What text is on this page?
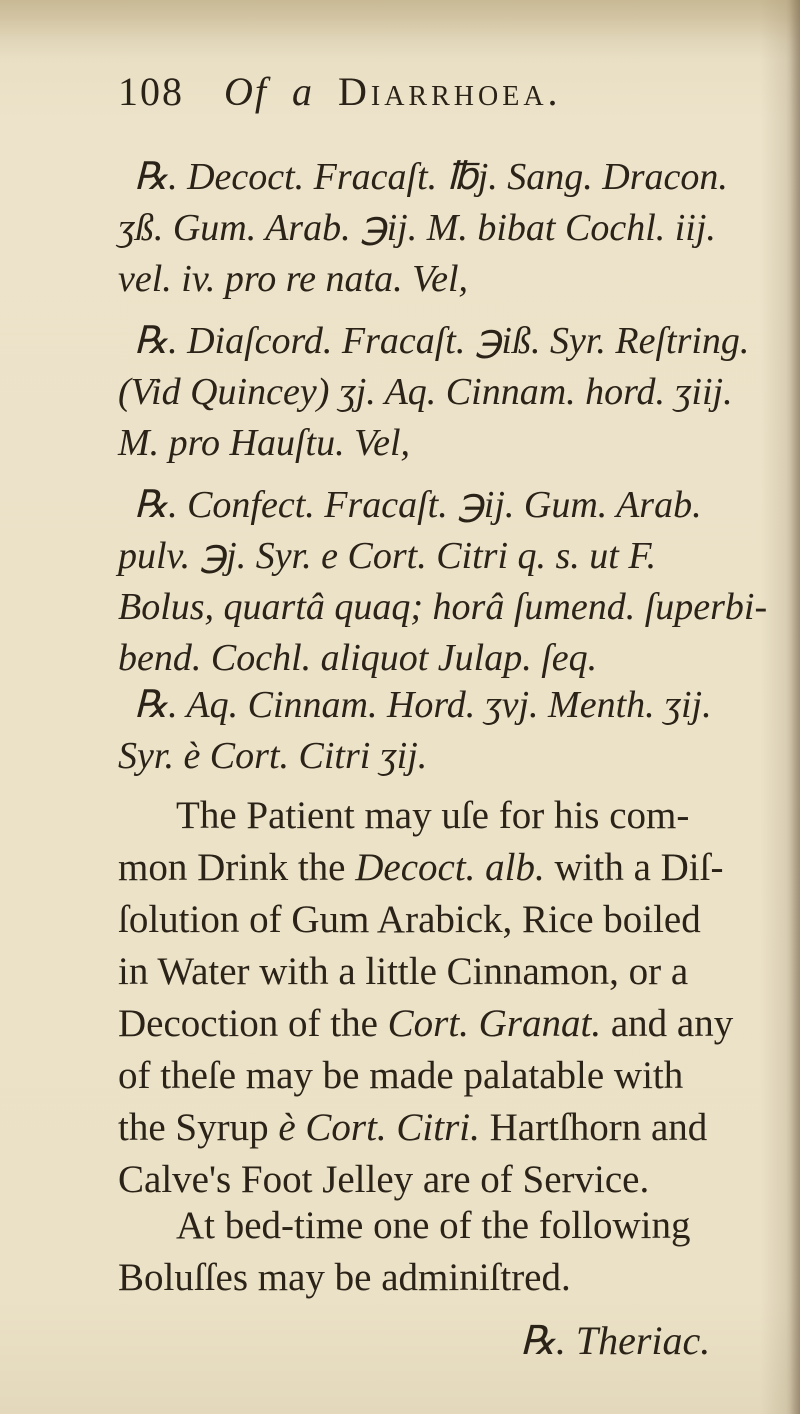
108 Of a Diarrhoea.
℞. Decoct. Fracaſt. ℔j. Sang. Dracon.
ʒß. Gum. Arab. ℈ij. M. bibat Cochl. iij.
vel. iv. pro re nata. Vel,
℞. Diaſcord. Fracaſt. ℈iß. Syr. Reſtring.
(Vid Quincey) ʒj. Aq. Cinnam. hord. ʒiij.
M. pro Hauſtu. Vel,
℞. Confect. Fracaſt. ℈ij. Gum. Arab.
pulv. ℈j. Syr. e Cort. Citri q. s. ut F.
Bolus, quartâ quaq; horâ ſumend. ſuperbi-
bend. Cochl. aliquot Julap. ſeq.
℞. Aq. Cinnam. Hord. ʒvj. Menth. ʒij.
Syr. è Cort. Citri ʒij.
The Patient may uſe for his com-
mon Drink the Decoct. alb. with a Diſ-
ſolution of Gum Arabick, Rice boiled
in Water with a little Cinnamon, or a
Decoction of the Cort. Granat. and any
of theſe may be made palatable with
the Syrup è Cort. Citri. Hartſhorn and
Calve's Foot Jelley are of Service.
At bed-time one of the following
Boluſſes may be adminiſtred.
℞. Theriac.
